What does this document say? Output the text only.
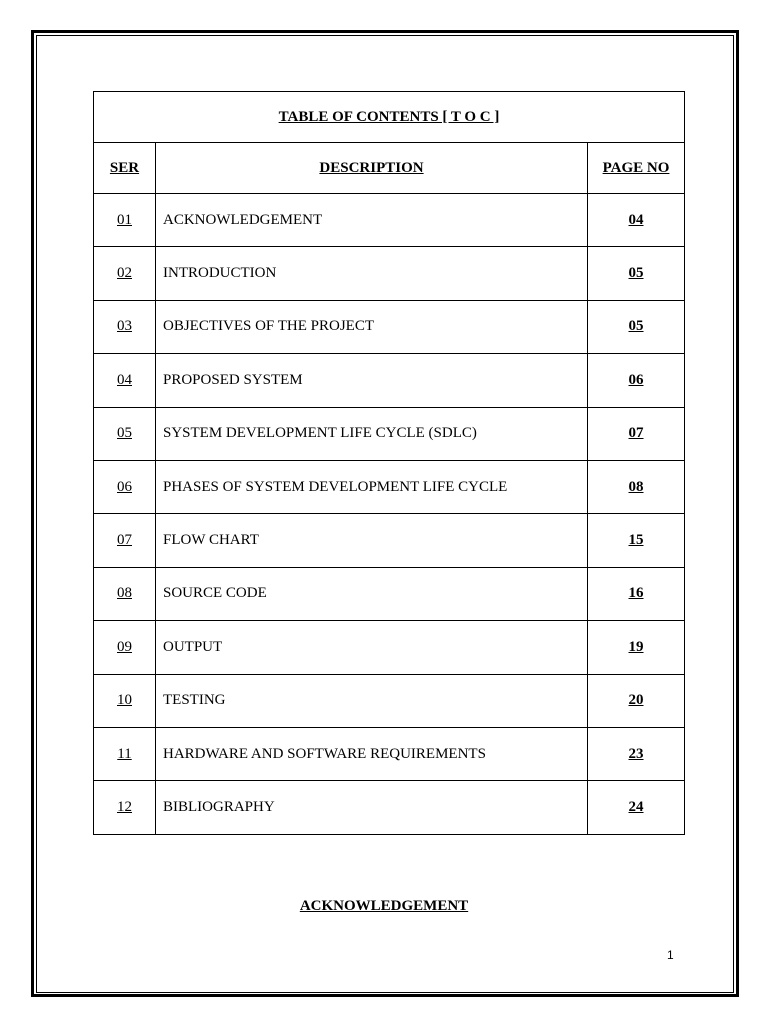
TABLE OF CONTENTS [ T O C ]		
SER	DESCRIPTION	PAGE NO
01	ACKNOWLEDGEMENT	04
02	INTRODUCTION	05
03	OBJECTIVES OF THE PROJECT	05
04	PROPOSED SYSTEM	06
05	SYSTEM DEVELOPMENT LIFE CYCLE (SDLC)	07
06	PHASES OF SYSTEM DEVELOPMENT LIFE CYCLE	08
07	FLOW CHART	15
08	SOURCE CODE	16
09	OUTPUT	19
10	TESTING	20
11	HARDWARE AND SOFTWARE REQUIREMENTS	23
12	BIBLIOGRAPHY	24
ACKNOWLEDGEMENT
1
